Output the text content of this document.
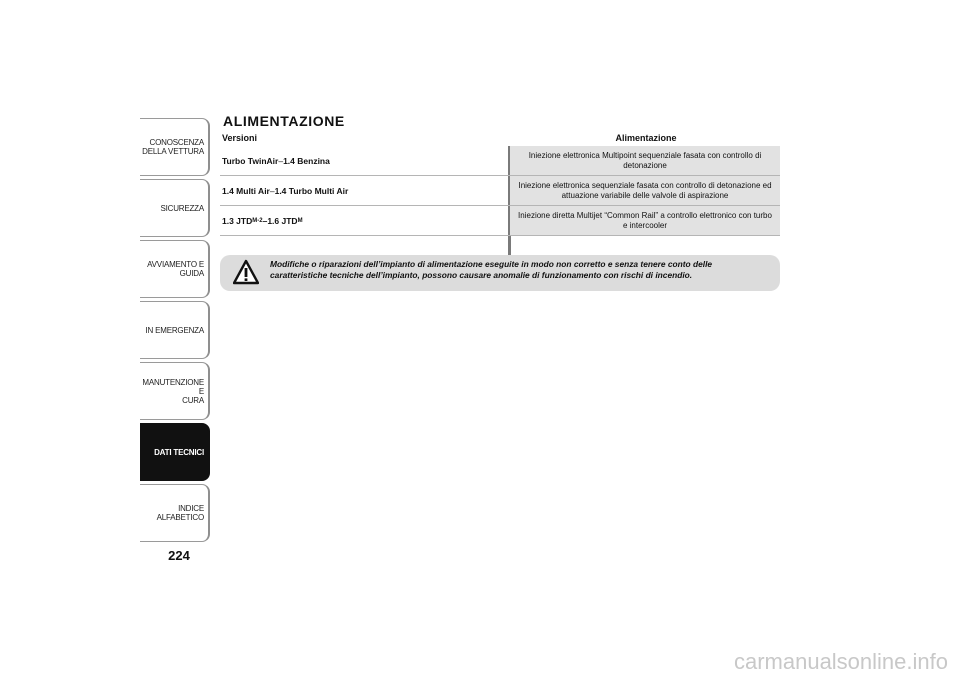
CONOSCENZA
DELLA VETTURA
SICUREZZA
AVVIAMENTO E
GUIDA
IN EMERGENZA
MANUTENZIONE E
CURA
DATI TECNICI
INDICE ALFABETICO
224
ALIMENTAZIONE
Versioni	Alimentazione
Turbo TwinAir – 1.4 Benzina
Iniezione elettronica Multipoint sequenziale fasata con controllo di detonazione
1.4 Multi Air – 1.4 Turbo Multi Air
Iniezione elettronica sequenziale fasata con controllo di detonazione ed attuazione variabile delle valvole di aspirazione
1.3 JTD M-2 – 1.6 JTD M
Iniezione diretta Multijet “Common Rail” a controllo elettronico con turbo e intercooler
Modifiche o riparazioni dell’impianto di alimentazione eseguite in modo non corretto e senza tenere conto delle caratteristiche tecniche dell’impianto, possono causare anomalie di funzionamento con rischi di incendio.
carmanualsonline.info
